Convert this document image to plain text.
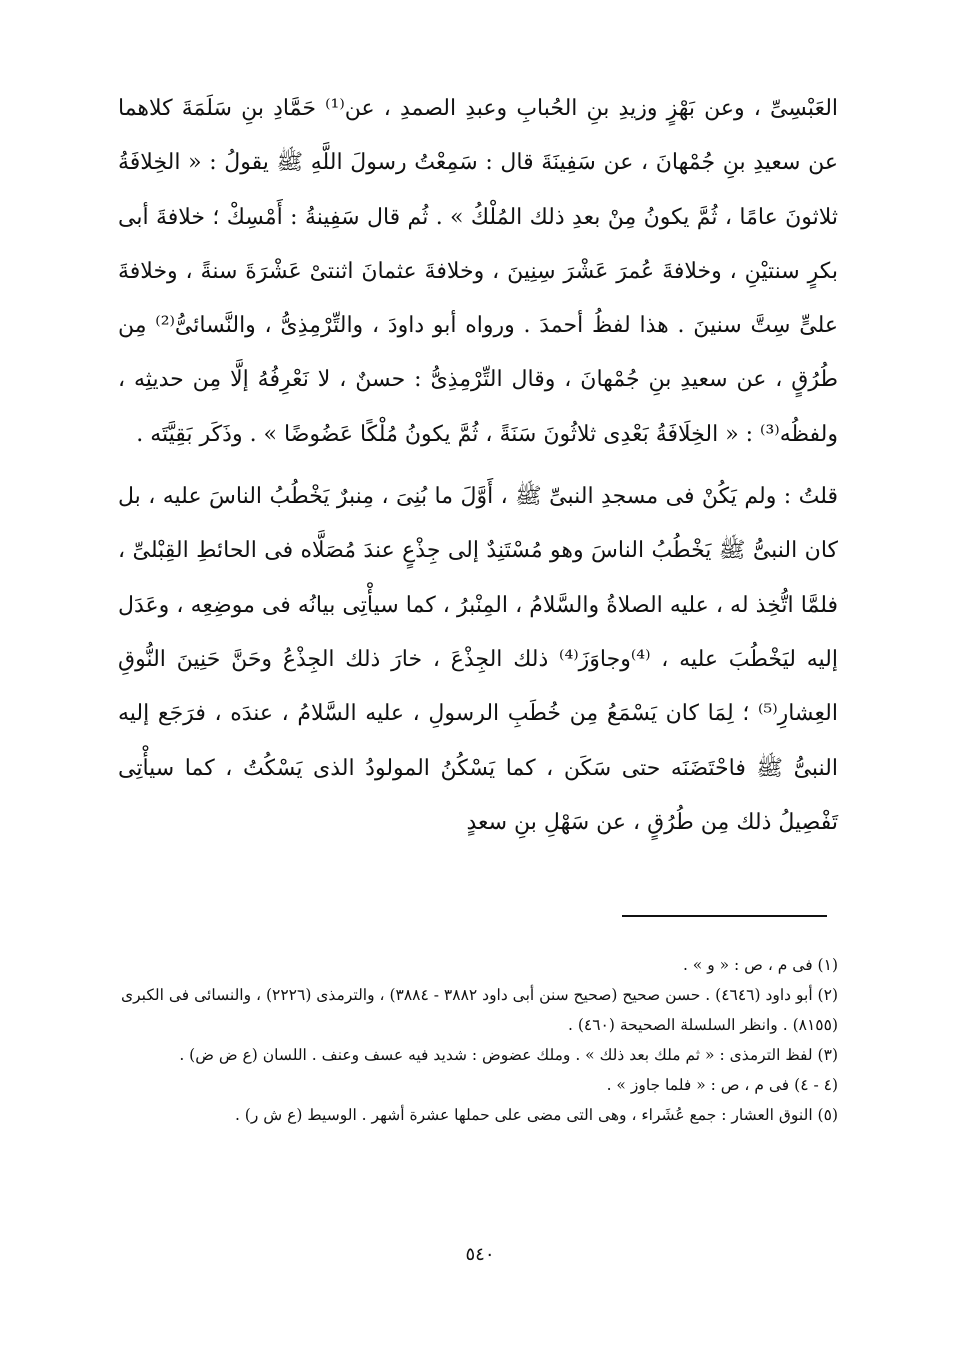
العَبْسِىِّ ، وعن بَهْزٍ وزيدِ بنِ الحُبابِ وعبدِ الصمدِ ، عن⁽¹⁾ حَمَّادِ بنِ سَلَمَةَ كلاهما عن سعيدِ بنِ جُمْهانَ ، عن سَفِينَةَ قال : سَمِعْتُ رسولَ اللَّهِ ﷺ يقولُ : « الخِلافَةُ ثلاثونَ عامًا ، ثُمَّ يكونُ مِنْ بعدِ ذلك المُلْكُ » . ثُم قال سَفِينةُ : أَمْسِكْ ؛ خلافةَ أبى بكرٍ سنتيْنِ ، وخلافةَ عُمرَ عَشْرَ سِنِينَ ، وخلافةَ عثمانَ اثنتىْ عَشْرَةَ سنةً ، وخلافةَ علىٍّ سِتَّ سنينَ . هذا لفظُ أحمدَ . ورواه أبو داودَ ، والتِّرْمِذِىُّ ، والنَّسائىُّ⁽²⁾ مِن طُرُقٍ ، عن سعيدِ بنِ جُمْهانَ ، وقال التِّرْمِذِىُّ : حسنٌ ، لا نَعْرِفُهُ إلَّا مِن حديثِه ، ولفظُه⁽³⁾ : « الخِلَافَةُ بَعْدِى ثلاثُونَ سَنَةً ، ثُمَّ يكونُ مُلْكًا عَضُوضًا » . وذَكَر بَقِيَّتَه .

قلتُ : ولم يَكُنْ فى مسجدِ النبىِّ ﷺ ، أَوَّلَ ما بُنِىَ ، مِنبرٌ يَخْطُبُ الناسَ عليه ، بل كان النبىُّ ﷺ يَخْطُبُ الناسَ وهو مُسْتَنِدٌ إلى جِذْعٍ عندَ مُصَلَّاه فى الحائطِ القِبْلىِّ ، فلمَّا اتُّخِذ له ، عليه الصلاةُ والسَّلامُ ، المِنْبرُ ، كما سيأْتِى بيانُه فى موضِعِه ، وعَدَل إليه ليَخْطُبَ عليه ، ⁽⁴⁾وجاوَزَ⁽⁴⁾ ذلك الجِذْعَ ، خارَ ذلك الجِذْعُ وحَنَّ حَنِينَ النُّوقِ العِشارِ⁽⁵⁾ ؛ لِمَا كان يَسْمَعُ مِن خُطَبِ الرسولِ ، عليه السَّلامُ ، عندَه ، فرَجَع إليه النبىُّ ﷺ فاحْتَضَنَه حتى سَكَن ، كما يَسْكُنُ المولودُ الذى يَسْكُتُ ، كما سيأْتِى تَفْصِيلُ ذلك مِن طُرُقٍ ، عن سَهْلِ بنِ سعدٍ

(١) فى م ، ص : « و » .
(٢) أبو داود (٤٦٤٦) . حسن صحيح (صحيح سنن أبى داود ٣٨٨٢ - ٣٨٨٤) ، والترمذى (٢٢٢٦) ، والنسائى فى الكبرى (٨١٥٥) . وانظر السلسلة الصحيحة (٤٦٠) .
(٣) لفظ الترمذى : « ثم ملك بعد ذلك » . وملك عضوض : شديد فيه عسف وعنف . اللسان (ع ض ض) .
(٤ - ٤) فى م ، ص : « فلما جاوز » .
(٥) النوق العشار : جمع عُشَراء ، وهى التى مضى على حملها عشرة أشهر . الوسيط (ع ش ر) .
٥٤٠
